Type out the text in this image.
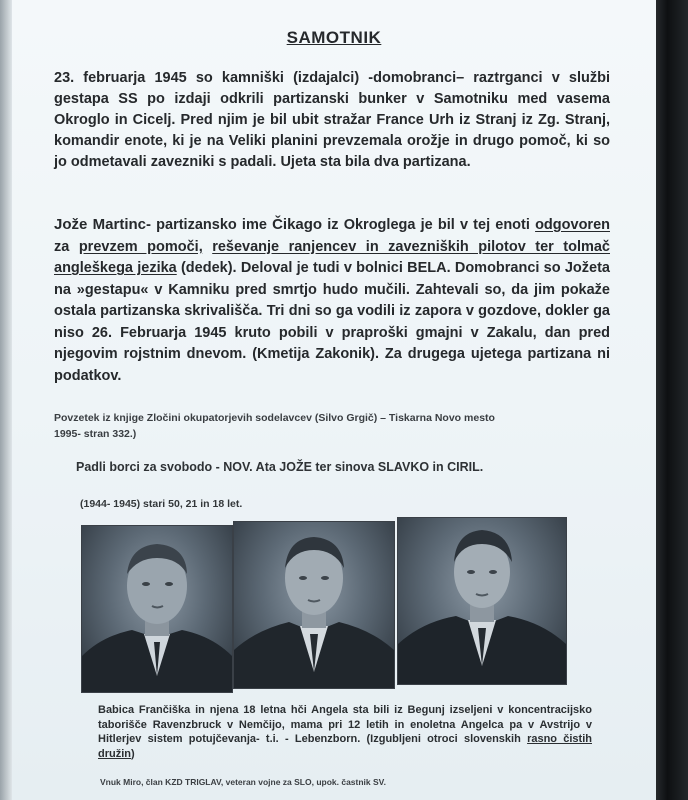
SAMOTNIK
23. februarja 1945 so kamniški (izdajalci) -domobranci– raztrganci v službi gestapa SS po izdaji odkrili partizanski bunker v Samotniku med vasema Okroglo in Cicelj. Pred njim je bil ubit stražar France Urh iz Stranj iz Zg. Stranj, komandir enote, ki je na Veliki planini prevzemala orožje in drugo pomoč, ki so jo odmetavali zavezniki s padali. Ujeta sta bila dva partizana.
Jože Martinc- partizansko ime Čikago iz Okroglega je bil v tej enoti odgovoren za prevzem pomoči, reševanje ranjencev in zavezniških pilotov ter tolmač angleškega jezika (dedek). Deloval je tudi v bolnici BELA. Domobranci so Jožeta na »gestapu« v Kamniku pred smrtjo hudo mučili. Zahtevali so, da jim pokaže ostala partizanska skrivališča. Tri dni so ga vodili iz zapora v gozdove, dokler ga niso 26. Februarja 1945 kruto pobili v praproški gmajni v Zakalu, dan pred njegovim rojstnim dnevom. (Kmetija Zakonik). Za drugega ujetega partizana ni podatkov.
Povzetek iz knjige Zločini okupatorjevih sodelavcev (Silvo Grgič) – Tiskarna Novo mesto 1995- stran 332.)
Padli borci za svobodo - NOV. Ata JOŽE ter sinova SLAVKO in CIRIL.
(1944- 1945) stari 50, 21 in 18 let.
Babica Frančiška in njena 18 letna hči Angela sta bili iz Begunj izseljeni v koncentracijsko taborišče Ravenzbruck v Nemčijo, mama pri 12 letih in enoletna Angelca pa v Avstrijo v Hitlerjev sistem potujčevanja- t.i. - Lebenzborn. (Izgubljeni otroci slovenskih rasno čistih družin)
Vnuk Miro, član KZD TRIGLAV, veteran vojne za SLO, upok. častnik SV.
